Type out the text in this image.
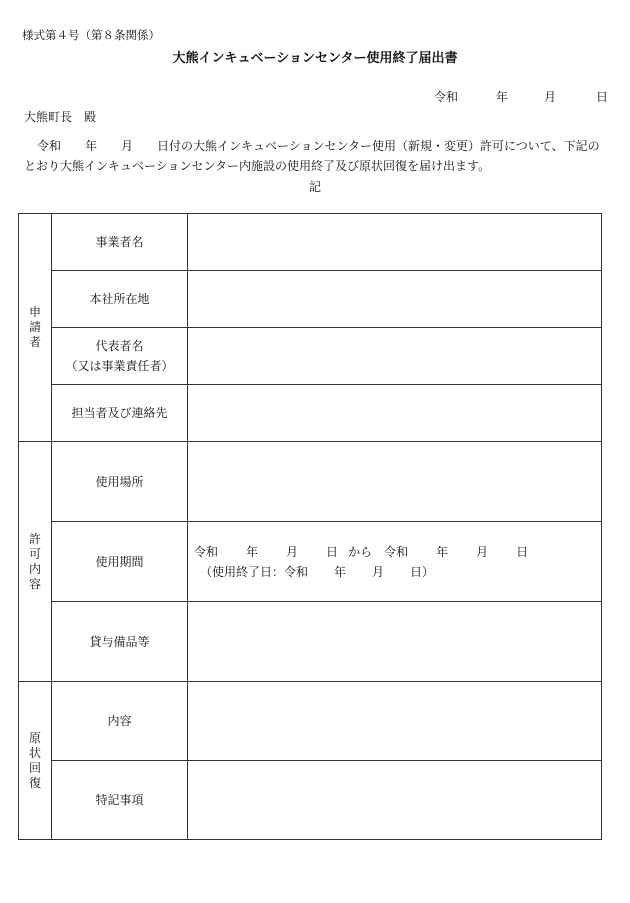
様式第４号（第８条関係）
大熊インキュベーションセンター使用終了届出書
令和	年	月	日
大熊町長　殿
令和　　年　　月　　日付の大熊インキュベーションセンター使用（新規・変更）許可について、下記のとおり大熊インキュベーションセンター内施設の使用終了及び原状回復を届け出ます。
記
申請者	事業者名	
	本社所在地	

	代表者名
（又は事業責任者）	

	担当者及び連絡先	
許可内容	使用場所	
	使用期間	令和 年 月 日 から 令和 年 月 日
（使用終了日：令和 年 月 日）

	貸与備品等	
原状回復	内容	
	特記事項	
